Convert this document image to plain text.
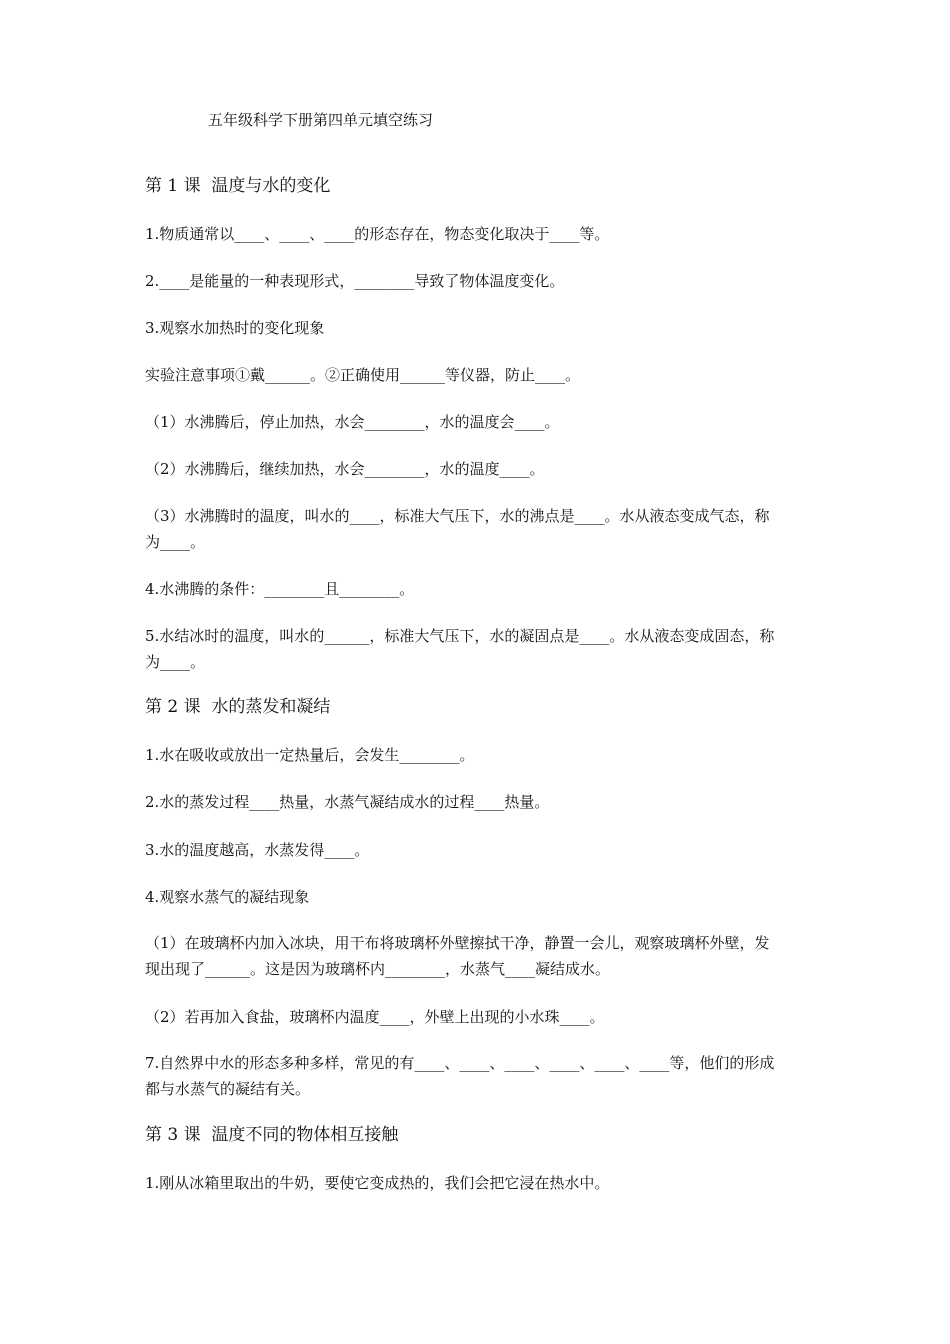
五年级科学下册第四单元填空练习
第 1 课  温度与水的变化
1.物质通常以____、____、____的形态存在，物态变化取决于____等。
2.____是能量的一种表现形式，________导致了物体温度变化。
3.观察水加热时的变化现象
实验注意事项①戴______。②正确使用______等仪器，防止____。
（1）水沸腾后，停止加热，水会________，水的温度会____。
（2）水沸腾后，继续加热，水会________，水的温度____。
（3）水沸腾时的温度，叫水的____，标准大气压下，水的沸点是____。水从液态变成气态，称
为____。
4.水沸腾的条件：________且________。
5.水结冰时的温度，叫水的______，标准大气压下，水的凝固点是____。水从液态变成固态，称
为____。
第 2 课  水的蒸发和凝结
1.水在吸收或放出一定热量后，会发生________。
2.水的蒸发过程____热量，水蒸气凝结成水的过程____热量。
3.水的温度越高，水蒸发得____。
4.观察水蒸气的凝结现象
（1）在玻璃杯内加入冰块，用干布将玻璃杯外壁擦拭干净，静置一会儿，观察玻璃杯外壁，发
现出现了______。这是因为玻璃杯内________，水蒸气____凝结成水。
（2）若再加入食盐，玻璃杯内温度____，外壁上出现的小水珠____。
7.自然界中水的形态多种多样，常见的有____、____、____、____、____、____等，他们的形成
都与水蒸气的凝结有关。
第 3 课  温度不同的物体相互接触
1.刚从冰箱里取出的牛奶，要使它变成热的，我们会把它浸在热水中。
